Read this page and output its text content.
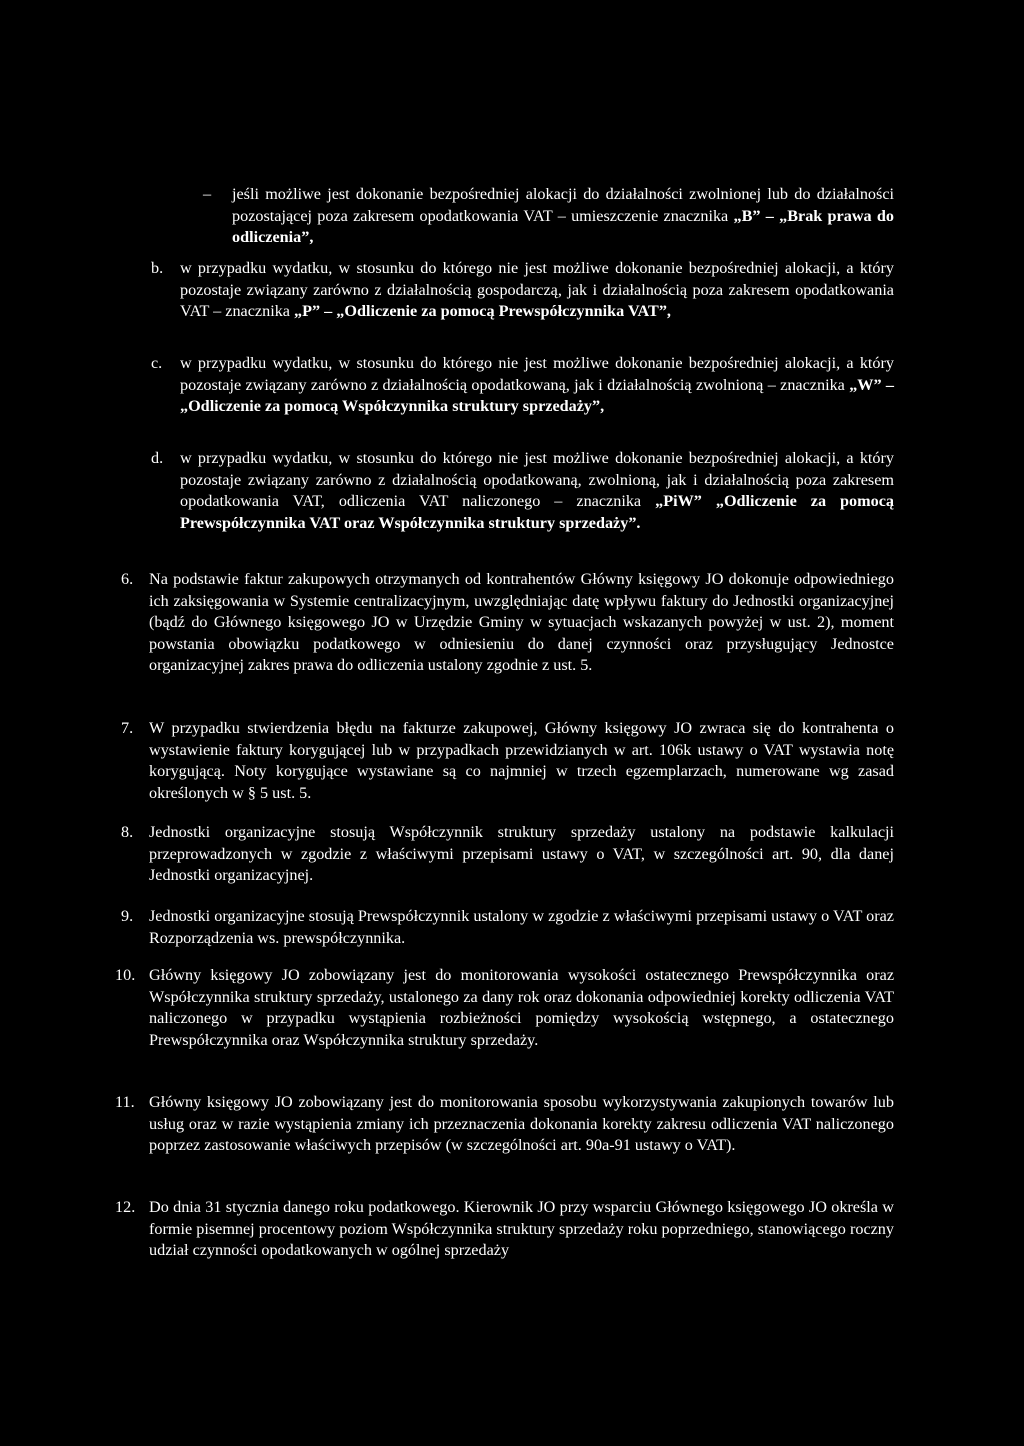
– jeśli możliwe jest dokonanie bezpośredniej alokacji do działalności zwolnionej lub do działalności pozostającej poza zakresem opodatkowania VAT – umieszczenie znacznika „B” – „Brak prawa do odliczenia”,

b. w przypadku wydatku, w stosunku do którego nie jest możliwe dokonanie bezpośredniej alokacji, a który pozostaje związany zarówno z działalnością gospodarczą, jak i działalnością poza zakresem opodatkowania VAT – znacznika „P” – „Odliczenie za pomocą Prewspółczynnika VAT”,

c. w przypadku wydatku, w stosunku do którego nie jest możliwe dokonanie bezpośredniej alokacji, a który pozostaje związany zarówno z działalnością opodatkowaną, jak i działalnością zwolnioną – znacznika „W” – „Odliczenie za pomocą Współczynnika struktury sprzedaży”,

d. w przypadku wydatku, w stosunku do którego nie jest możliwe dokonanie bezpośredniej alokacji, a który pozostaje związany zarówno z działalnością opodatkowaną, zwolnioną, jak i działalnością poza zakresem opodatkowania VAT, odliczenia VAT naliczonego – znacznika „PiW” „Odliczenie za pomocą Prewspółczynnika VAT oraz Współczynnika struktury sprzedaży”.

6. Na podstawie faktur zakupowych otrzymanych od kontrahentów Główny księgowy JO dokonuje odpowiedniego ich zaksięgowania w Systemie centralizacyjnym, uwzględniając datę wpływu faktury do Jednostki organizacyjnej (bądź do Głównego księgowego JO w Urzędzie Gminy w sytuacjach wskazanych powyżej w ust. 2), moment powstania obowiązku podatkowego w odniesieniu do danej czynności oraz przysługujący Jednostce organizacyjnej zakres prawa do odliczenia ustalony zgodnie z ust. 5.

7. W przypadku stwierdzenia błędu na fakturze zakupowej, Główny księgowy JO zwraca się do kontrahenta o wystawienie faktury korygującej lub w przypadkach przewidzianych w art. 106k ustawy o VAT wystawia notę korygującą. Noty korygujące wystawiane są co najmniej w trzech egzemplarzach, numerowane wg zasad określonych w § 5 ust. 5.

8. Jednostki organizacyjne stosują Współczynnik struktury sprzedaży ustalony na podstawie kalkulacji przeprowadzonych w zgodzie z właściwymi przepisami ustawy o VAT, w szczególności art. 90, dla danej Jednostki organizacyjnej.

9. Jednostki organizacyjne stosują Prewspółczynnik ustalony w zgodzie z właściwymi przepisami ustawy o VAT oraz Rozporządzenia ws. prewspółczynnika.

10. Główny księgowy JO zobowiązany jest do monitorowania wysokości ostatecznego Prewspółczynnika oraz Współczynnika struktury sprzedaży, ustalonego za dany rok oraz dokonania odpowiedniej korekty odliczenia VAT naliczonego w przypadku wystąpienia rozbieżności pomiędzy wysokością wstępnego, a ostatecznego Prewspółczynnika oraz Współczynnika struktury sprzedaży.

11. Główny księgowy JO zobowiązany jest do monitorowania sposobu wykorzystywania zakupionych towarów lub usług oraz w razie wystąpienia zmiany ich przeznaczenia dokonania korekty zakresu odliczenia VAT naliczonego poprzez zastosowanie właściwych przepisów (w szczególności art. 90a-91 ustawy o VAT).

12. Do dnia 31 stycznia danego roku podatkowego. Kierownik JO przy wsparciu Głównego księgowego JO określa w formie pisemnej procentowy poziom Współczynnika struktury sprzedaży roku poprzedniego, stanowiącego roczny udział czynności opodatkowanych w ogólnej sprzedaży
